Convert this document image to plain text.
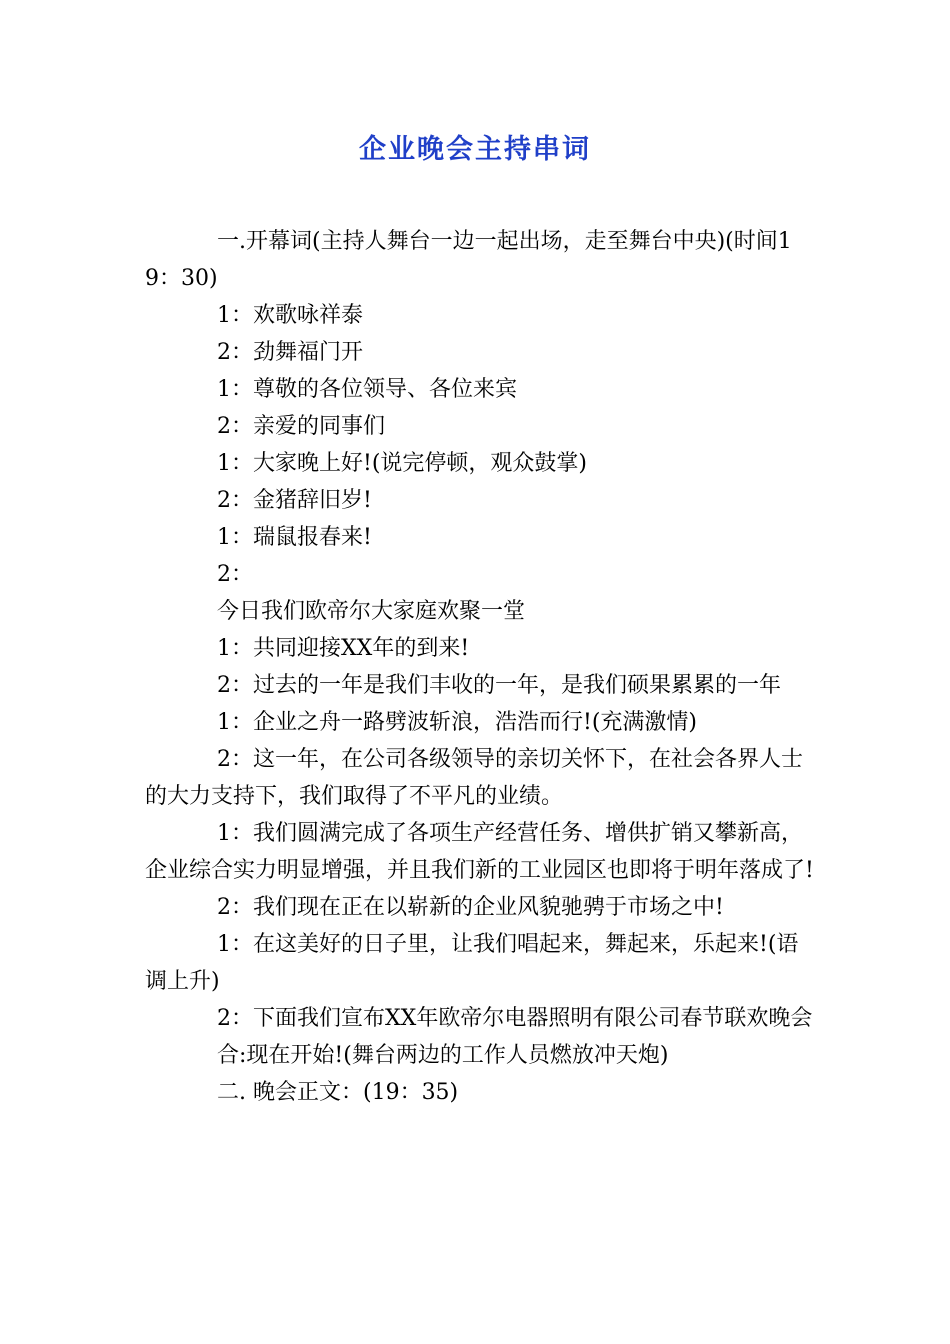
企业晚会主持串词

一.开幕词(主持人舞台一边一起出场，走至舞台中央)(时间19：30)

1：欢歌咏祥泰

2：劲舞福门开

1：尊敬的各位领导、各位来宾

2：亲爱的同事们

1：大家晚上好!(说完停顿，观众鼓掌)

2：金猪辞旧岁!

1：瑞鼠报春来!

2：

今日我们欧帝尔大家庭欢聚一堂

1：共同迎接XX年的到来!

2：过去的一年是我们丰收的一年，是我们硕果累累的一年

1：企业之舟一路劈波斩浪，浩浩而行!(充满激情)

2：这一年，在公司各级领导的亲切关怀下，在社会各界人士的大力支持下，我们取得了不平凡的业绩。

1：我们圆满完成了各项生产经营任务、增供扩销又攀新高，企业综合实力明显增强，并且我们新的工业园区也即将于明年落成了!

2：我们现在正在以崭新的企业风貌驰骋于市场之中!

1：在这美好的日子里，让我们唱起来，舞起来，乐起来!(语调上升)

2：下面我们宣布XX年欧帝尔电器照明有限公司春节联欢晚会

合:现在开始!(舞台两边的工作人员燃放冲天炮)

二. 晚会正文：(19：35)
